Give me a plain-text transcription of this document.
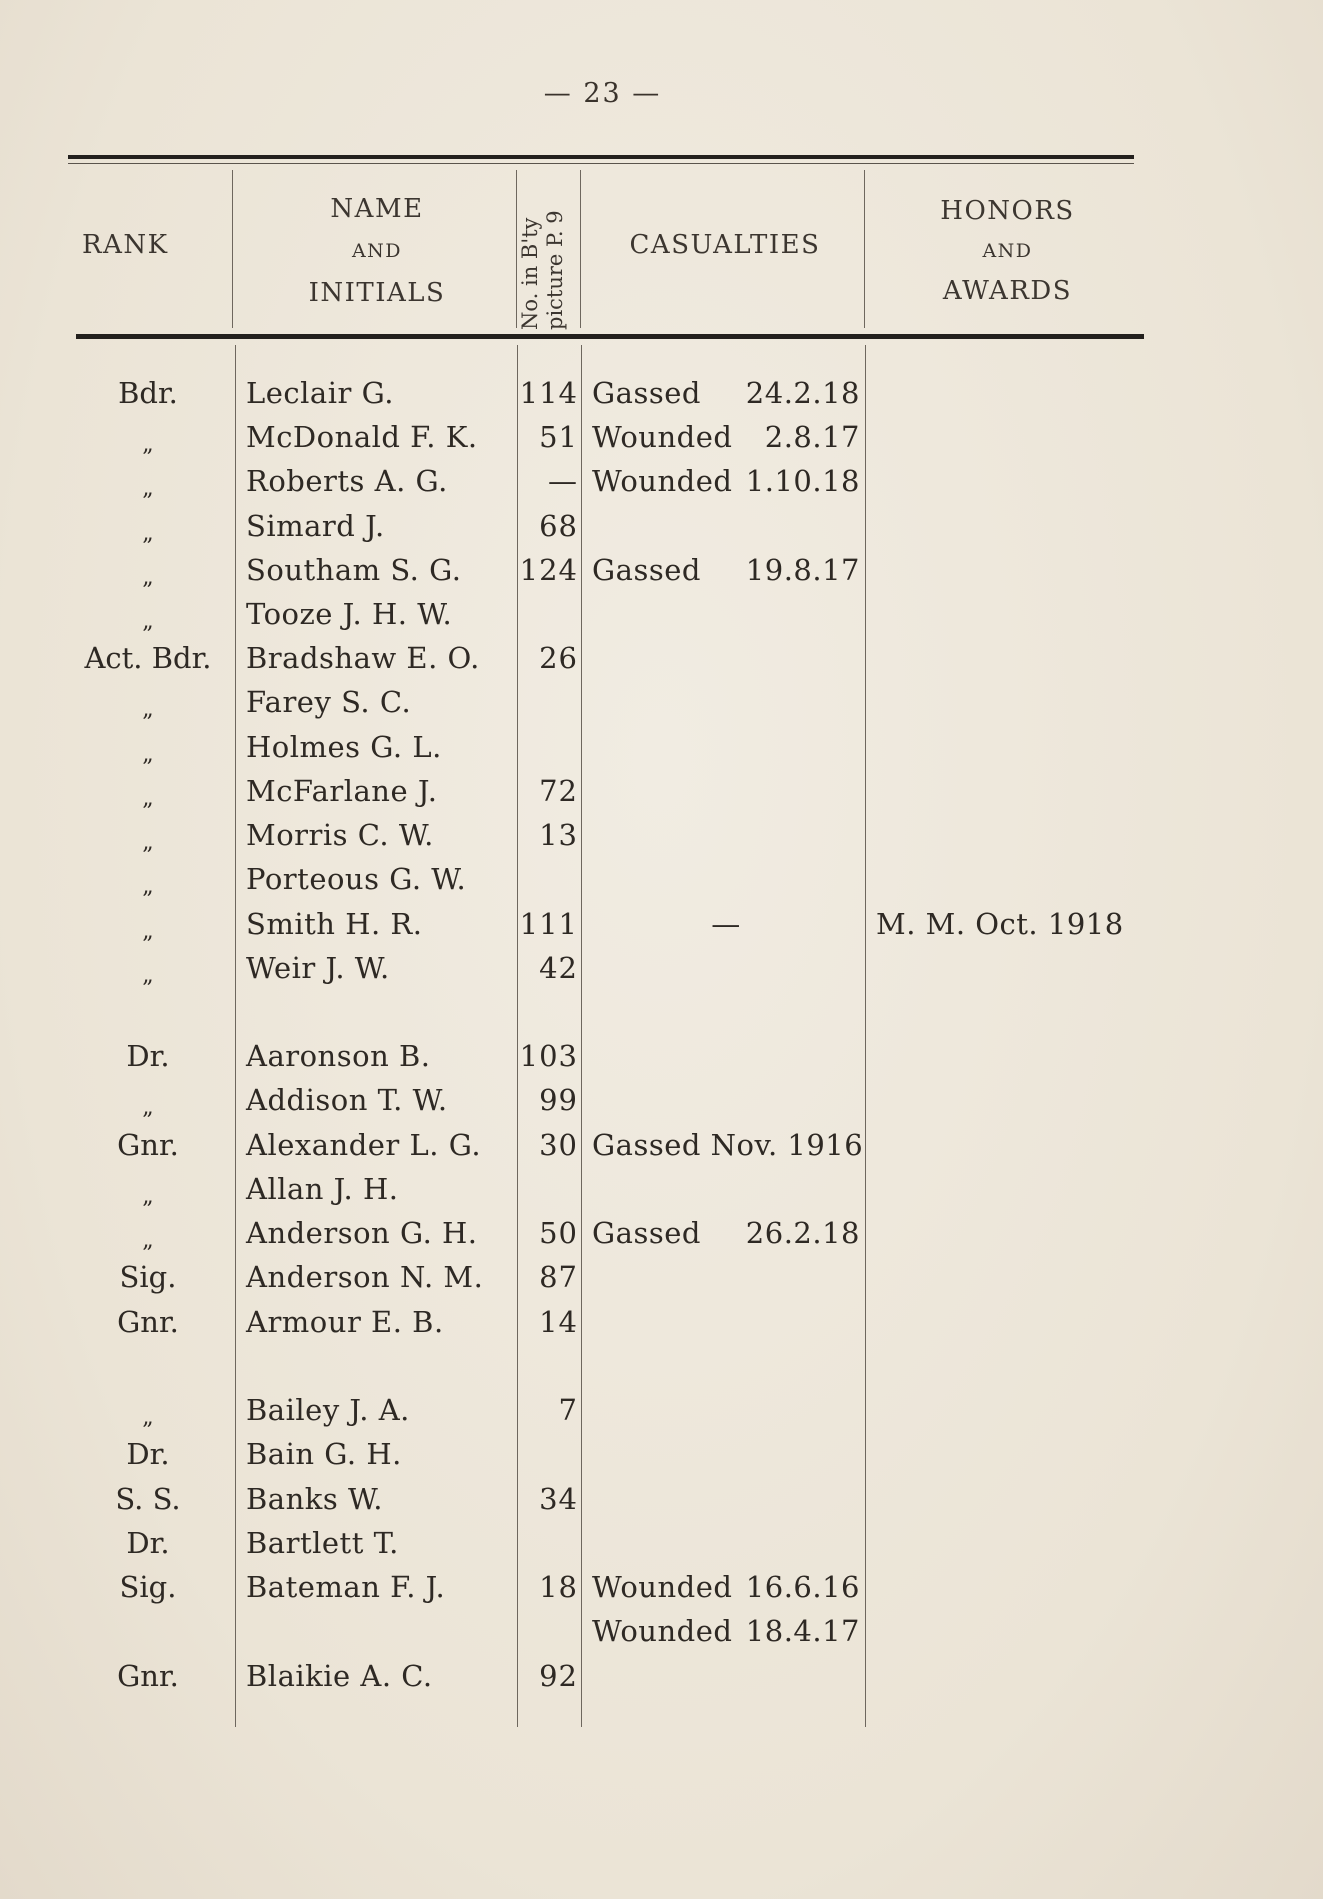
— 23 —
RANK
NAME
AND
INITIALS	No. in B'ty picture P. 9	CASUALTIES
HONORS
AND
AWARDS
Bdr.	Leclair G.	114 Gassed 24.2.18
„	McDonald F. K.	51 Wounded 2.8.17
„	Roberts A. G.	— Wounded 1.10.18
„	Simard J.	68
„	Southam S. G. 124 Gassed 19.8.17
„	Tooze J. H. W.
Act. Bdr.	Bradshaw E. O.	26
„	Farey S. C.
„	Holmes G. L.
„	McFarlane J.	72
„	Morris C. W.	13
„	Porteous G. W.
„	Smith H. R.	111	—	M. M. Oct. 1918
„	Weir J. W.	42
Dr.	Aaronson B.	103
„	Addison T. W.	99
Gnr.	Alexander L. G.	30 Gassed Nov. 1916
„	Allan J. H.
„	Anderson G. H.	50 Gassed 26.2.18
Sig.	Anderson N. M.	87
Gnr.	Armour E. B.	14
„	Bailey J. A.	7
Dr.	Bain G. H.
S. S.	Banks W.	34
Dr.	Bartlett T.
Sig.	Bateman F. J.	18 Wounded 16.6.16
Wounded 18.4.17
Gnr.	Blaikie A. C.	92
